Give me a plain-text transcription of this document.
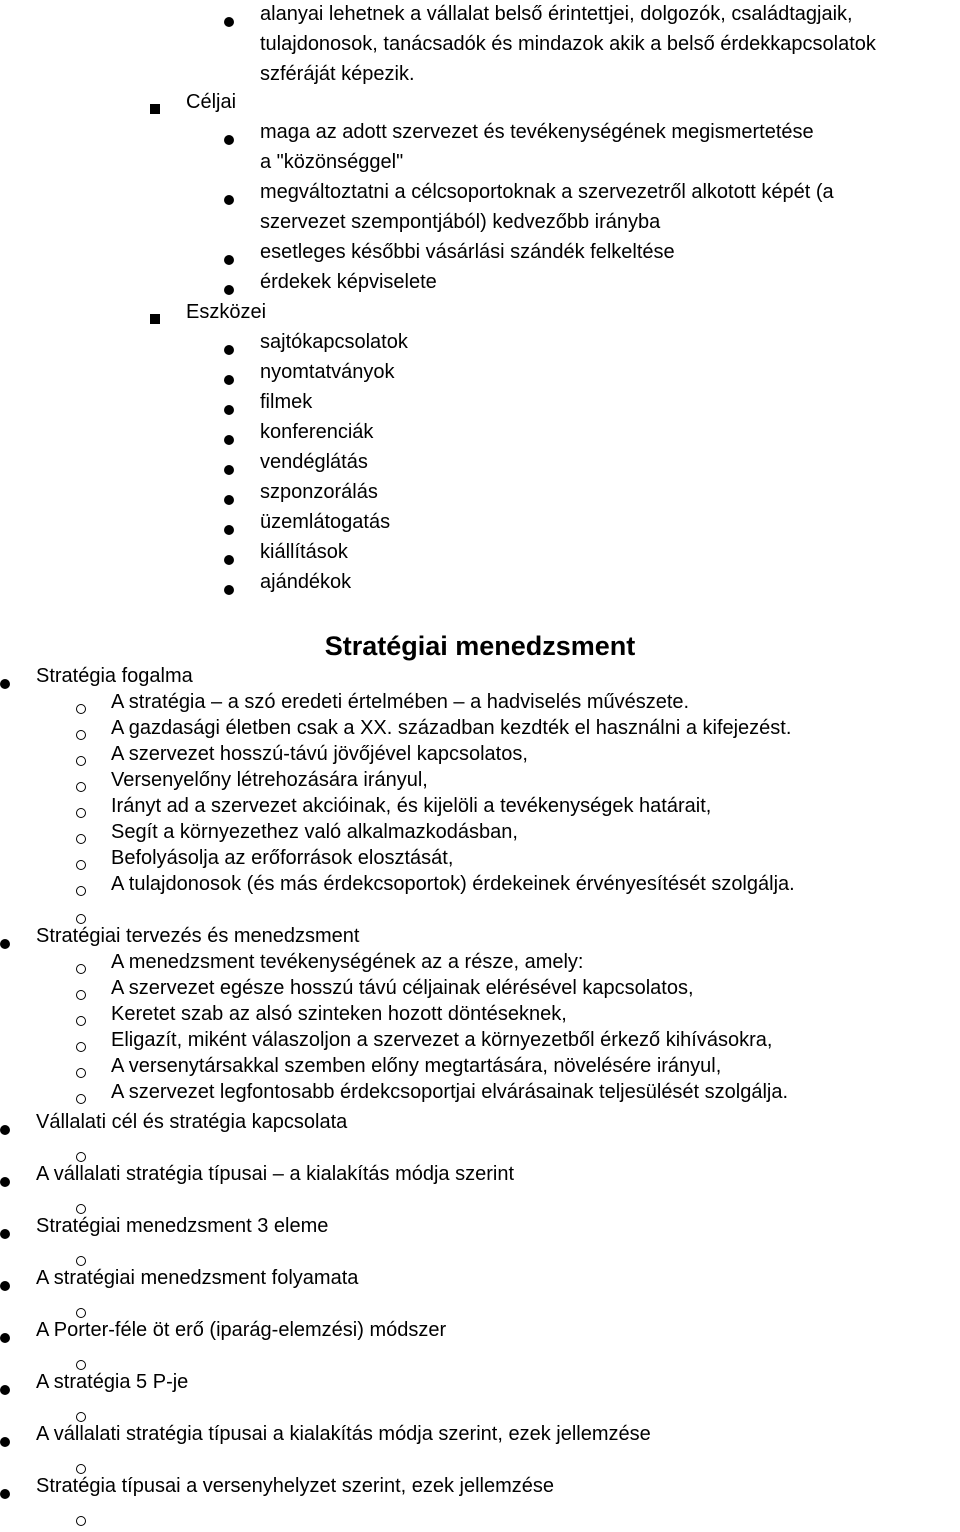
alanyai lehetnek a vállalat belső érintettjei, dolgozók, családtagjaik,
tulajdonosok, tanácsadók és mindazok akik a belső érdekkapcsolatok
szféráját képezik.
Céljai
maga az adott szervezet és tevékenységének megismertetése
a "közönséggel"
megváltoztatni a célcsoportoknak a szervezetről alkotott képét (a
szervezet szempontjából) kedvezőbb irányba
esetleges későbbi vásárlási szándék felkeltése
érdekek képviselete
Eszközei
sajtókapcsolatok
nyomtatványok
filmek
konferenciák
vendéglátás
szponzorálás
üzemlátogatás
kiállítások
ajándékok
Stratégiai menedzsment
Stratégia fogalma
A stratégia – a szó eredeti értelmében – a hadviselés művészete.
A gazdasági életben csak a XX. században kezdték el használni a kifejezést.
A szervezet hosszú-távú jövőjével kapcsolatos,
Versenyelőny létrehozására irányul,
Irányt ad a szervezet akcióinak, és kijelöli a tevékenységek határait,
Segít a környezethez való alkalmazkodásban,
Befolyásolja az erőforrások elosztását,
A tulajdonosok (és más érdekcsoportok) érdekeinek érvényesítését szolgálja.
Stratégiai tervezés és menedzsment
A menedzsment tevékenységének az a része, amely:
A szervezet egésze hosszú távú céljainak elérésével kapcsolatos,
Keretet szab az alsó szinteken hozott döntéseknek,
Eligazít, miként válaszoljon a szervezet a környezetből érkező kihívásokra,
A versenytársakkal szemben előny megtartására, növelésére irányul,
A szervezet legfontosabb érdekcsoportjai elvárásainak teljesülését szolgálja.
Vállalati cél és stratégia kapcsolata
A vállalati stratégia típusai – a kialakítás módja szerint
Stratégiai menedzsment 3 eleme
A stratégiai menedzsment folyamata
A Porter-féle öt erő (iparág-elemzési) módszer
A stratégia 5 P-je
A vállalati stratégia típusai a kialakítás módja szerint, ezek jellemzése
Stratégia típusai a versenyhelyzet szerint, ezek jellemzése
